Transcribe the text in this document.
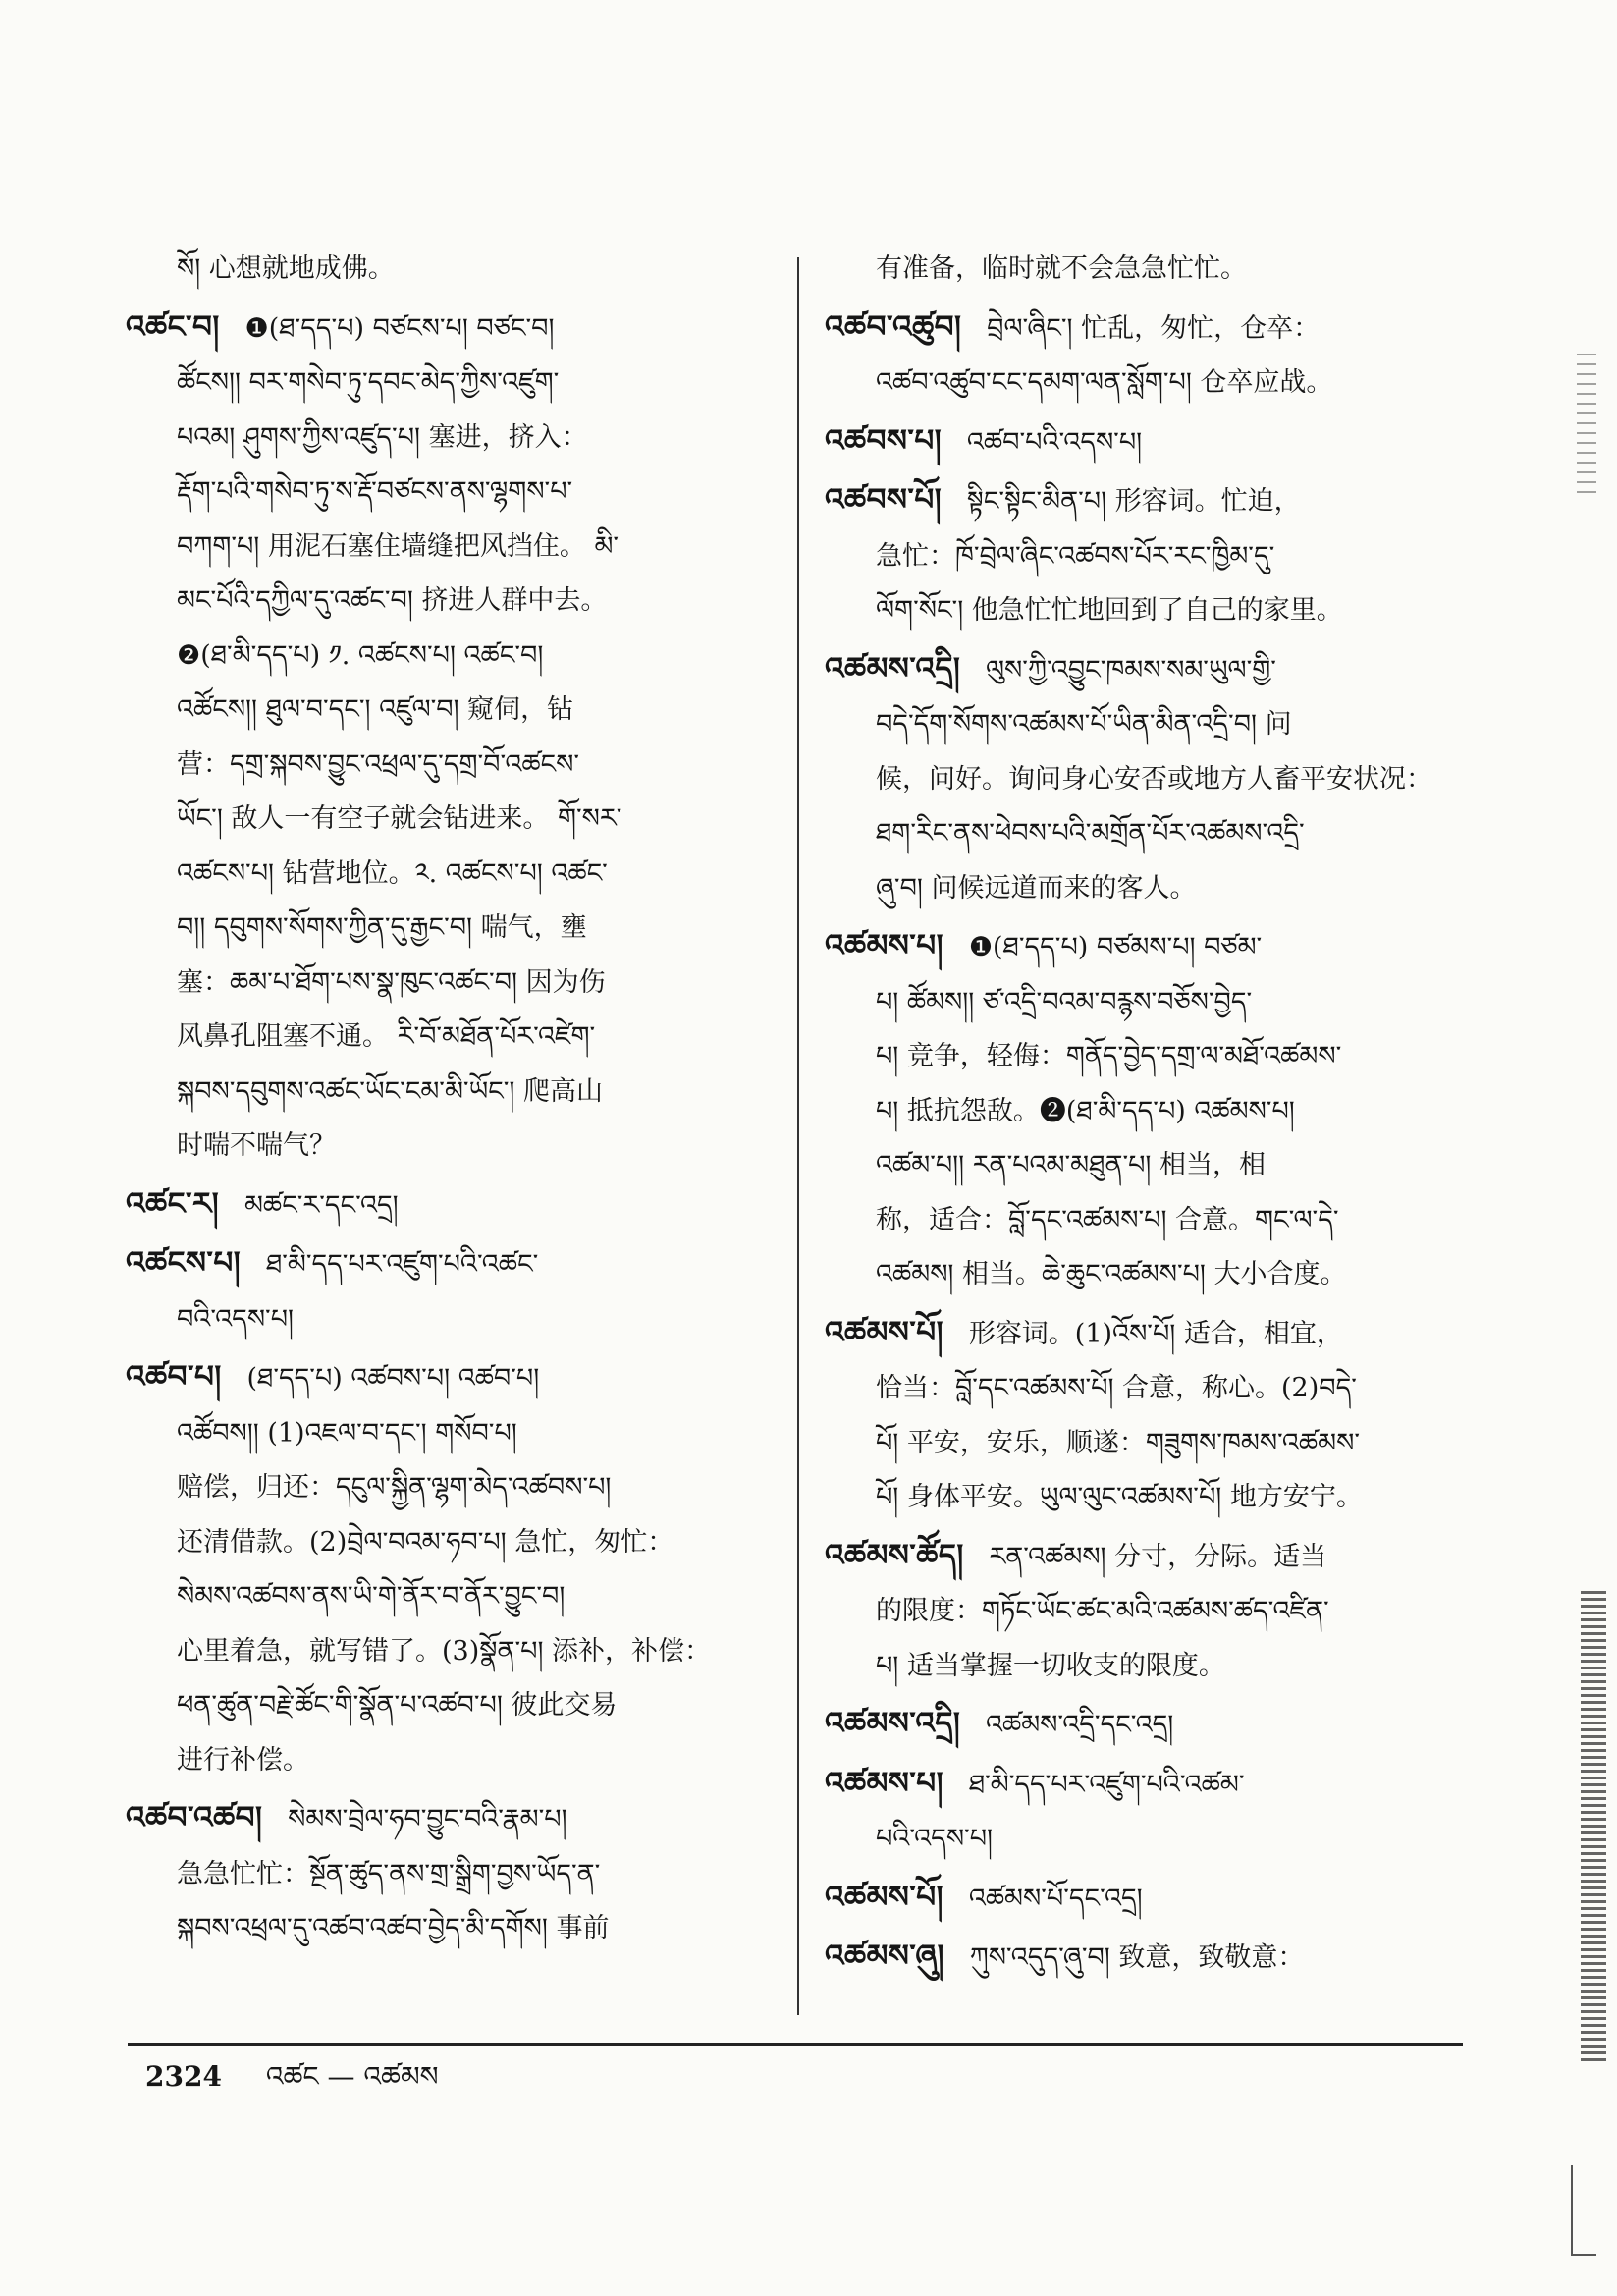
སོ། 心想就地成佛。
འཚང་བ། ❶(ཐ་དད་པ) བཙངས་པ། བཙང་བ།
ཚོངས།། བར་གསེབ་ཏུ་དབང་མེད་ཀྱིས་འཛུག་
པའམ། ཤུགས་ཀྱིས་འཛུད་པ། 塞进，挤入：
རྡོག་པའི་གསེབ་ཏུ་ས་རྡོ་བཙངས་ནས་ལྷགས་པ་
བཀག་པ། 用泥石塞住墙缝把风挡住。 མི་
མང་པོའི་དཀྱིལ་དུ་འཚང་བ། 挤进人群中去。
❷(ཐ་མི་དད་པ) ༡. འཚངས་པ། འཚང་བ།
འཚོངས།། ཐུལ་བ་དང་། འཛུལ་བ། 窥伺，钻
营：དགྲ་སྐབས་བྱུང་འཕྲལ་དུ་དགྲ་བོ་འཚངས་
ཡོང་། 敌人一有空子就会钻进来。 གོ་སར་
འཚངས་པ། 钻营地位。༢. འཚངས་པ། འཚང་
བ།། དབུགས་སོགས་ཀྱིན་དུ་རྒྱང་བ། 喘气，壅
塞：ཆམ་པ་ཐོག་པས་སྣ་ཁུང་འཚང་བ། 因为伤
风鼻孔阻塞不通。 རི་བོ་མཐོན་པོར་འཛེག་
སྐབས་དབུགས་འཚང་ཡོང་ངམ་མི་ཡོང་། 爬高山
时喘不喘气？
འཚང་ར། མཚང་ར་དང་འདྲ།
འཚངས་པ། ཐ་མི་དད་པར་འཛུག་པའི་འཚང་
བའི་འདས་པ།
འཚབ་པ། (ཐ་དད་པ) འཚབས་པ། འཚབ་པ།
འཚོབས།། (1)འཇལ་བ་དང་། གསོབ་པ།
赔偿，归还：དངུལ་སྐྱིན་ལྷག་མེད་འཚབས་པ།
还清借款。(2)བྲེལ་བའམ་ཧབ་པ། 急忙，匆忙：
སེམས་འཚབས་ནས་ཡི་གེ་ནོར་བ་ནོར་བྱུང་བ།
心里着急，就写错了。(3)སྣོན་པ། 添补，补偿：
ཕན་ཚུན་བརྗེ་ཚོང་གི་སྣོན་པ་འཚབ་པ། 彼此交易
进行补偿。
འཚབ་འཚབ། སེམས་བྲེལ་ཧབ་བྱུང་བའི་རྣམ་པ།
急急忙忙：སྔོན་ཚུད་ནས་གྲ་སྒྲིག་བྱས་ཡོད་ན་
སྐབས་འཕྲལ་དུ་འཚབ་འཚབ་བྱེད་མི་དགོས། 事前
有准备，临时就不会急急忙忙。
འཚབ་འཚུབ། བྲེལ་ཞིང་། 忙乱，匆忙，仓卒：
འཚབ་འཚུབ་ངང་དམག་ལན་སློག་པ། 仓卒应战。
འཚབས་པ། འཚབ་པའི་འདས་པ།
འཚབས་པོ། སྟིང་སྟིང་མིན་པ། 形容词。忙迫，
急忙：ཁོ་བྲེལ་ཞིང་འཚབས་པོར་རང་ཁྱིམ་དུ་
ལོག་སོང་། 他急忙忙地回到了自己的家里。
འཚམས་འདྲི། ལུས་ཀྱི་འབྱུང་ཁམས་སམ་ཡུལ་གྱི་
བདེ་དོག་སོགས་འཚམས་པོ་ཡིན་མིན་འདྲི་བ། 问
候，问好。询问身心安否或地方人畜平安状况：
ཐག་རིང་ནས་ཕེབས་པའི་མགྲོན་པོར་འཚམས་འདྲི་
ཞུ་བ། 问候远道而来的客人。
འཚམས་པ། ❶(ཐ་དད་པ) བཙམས་པ། བཙམ་
པ། ཚོམས།། ཙ་འདྲི་བའམ་བརྙས་བཅོས་བྱེད་
པ། 竞争，轻侮：གནོད་བྱེད་དགྲ་ལ་མཐོ་འཚམས་
པ། 抵抗怨敌。❷(ཐ་མི་དད་པ) འཚམས་པ།
འཚམ་པ།། རན་པའམ་མཐུན་པ། 相当，相
称，适合：བློ་དང་འཚམས་པ། 合意。གང་ལ་དེ་
འཚམས། 相当。ཆེ་ཆུང་འཚམས་པ། 大小合度。
འཚམས་པོ། 形容词。(1)འོས་པོ། 适合，相宜，
恰当：བློ་དང་འཚམས་པོ། 合意，称心。(2)བདེ་
པོ། 平安，安乐，顺遂：གཟུགས་ཁམས་འཚམས་
པོ། 身体平安。ཡུལ་ལུང་འཚམས་པོ། 地方安宁。
འཚམས་ཚོད། རན་འཚམས། 分寸，分际。适当
的限度：གཏོང་ཡོང་ཚང་མའི་འཚམས་ཚད་འཛིན་
པ། 适当掌握一切收支的限度。
འཚམས་འདྲི། འཚམས་འདྲི་དང་འདྲ།
འཚམས་པ། ཐ་མི་དད་པར་འཛུག་པའི་འཚམ་
པའི་འདས་པ།
འཚམས་པོ། འཚམས་པོ་དང་འདྲ།
འཚམས་ཞུ། ཀུས་འདུད་ཞུ་བ། 致意，致敬意：
2324 འཚང — འཚམས
